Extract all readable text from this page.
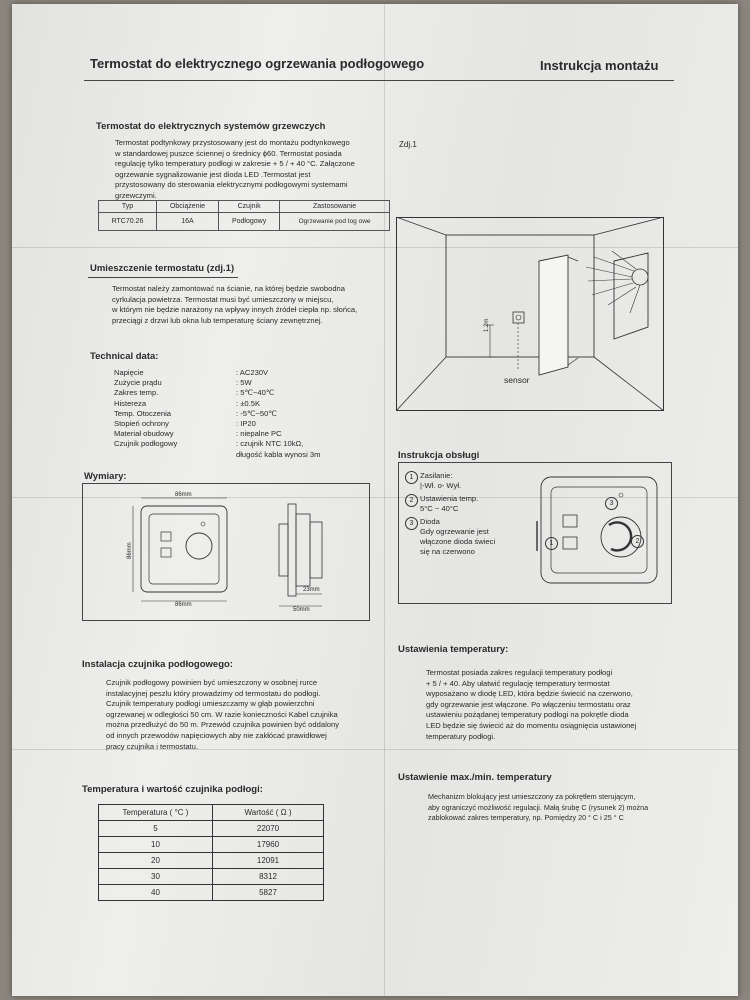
Termostat do elektrycznego ogrzewania podłogowego	Instrukcja montażu
Termostat do elektrycznych systemów grzewczych
Termostat podtynkowy przystosowany jest do montażu podtynkowego
w standardowej puszce ściennej o średnicy ϕ60. Termostat posiada
regulację tylko temperatury podłogi w zakresie + 5 / + 40 °C. Załączone
ogrzewanie sygnalizowanie jest dioda LED .Termostat jest
przystosowany do sterowania elektrycznymi podłogowymi systemami
grzewczymi.
Typ	Obciążenie	Czujnik	Zastosowanie
RTC70.26	16A	Podłogowy	Ogrzewanie pod tog owe
Zdj.1
1.2m
sensor
Umieszczenie termostatu (zdj.1)
Termostat należy zamontować na ścianie, na której będzie swobodna
cyrkulacja powietrza. Termostat musi być umieszczony w miejscu,
w którym nie będzie narażony na wpływy innych źródeł ciepła np. słońca,
przeciągi z drzwi lub okna lub temperaturę ściany zewnętrznej.
Technical data:
Napięcie	: AC230V
Zużycie prądu	: 5W
Zakres temp.	: 5℃~40℃
Histereza	: ±0.5K
Temp. Otoczenia	: -5℃~50℃
Stopień ochrony	: IP20
Materiał obudowy	: niepalne PC
Czujnik podłogowy	: czujnik NTC 10kΩ,
	długość kabla wynosi 3m
Wymiary:
86mm
86mm
86mm
23mm
50mm
Instrukcja obsługi
1 Zasilanie:
|-Wł. o- Wył.
2 Ustawienia temp.
5°C ~ 40°C
3 Dioda
Gdy ogrzewanie jest
włączone dioda świeci
się na czerwono
3
2
1
Ustawienia temperatury:
Termostat posiada zakres regulacji temperatury podłogi
+ 5 / + 40. Aby ułatwić regulację temperatury termostat
wyposażano w diodę LED, która będzie świecić na czerwono,
gdy ogrzewanie jest włączone. Po włączeniu termostatu oraz
ustawieniu pożądanej temperatury podłogi na pokrętle dioda
LED będzie się świecić aż do momentu osiągnięcia ustawionej
temperatury podłogi.
Instalacja czujnika podłogowego:
Czujnik podłogowy powinien być umieszczony w osobnej rurce
instalacyjnej peszlu który prowadzimy od termostatu do podłogi.
Czujnik temperatury podłogi umieszczamy w głąb powierzchni
ogrzewanej w odległości 50 cm. W razie konieczności Kabel czujnika
można przedłużyć do 50 m. Przewód czujnika powinien być oddalony
od innych przewodów napięciowych aby nie zakłócać prawidłowej
pracy czujnika i termostatu.
Ustawienie max./min. temperatury
Mechanizm blokujący jest umieszczony za pokrętłem sterującym,
aby ograniczyć możliwość regulacji. Małą śrubę C (rysunek 2) można
zablokować zakres temperatury, np. Pomiędzy 20 ° C i 25 ° C
Temperatura i wartość czujnika podłogi:
Temperatura ( °C )	Wartość ( Ω )
5	22070
10	17960
20	12091
30	8312
40	5827
